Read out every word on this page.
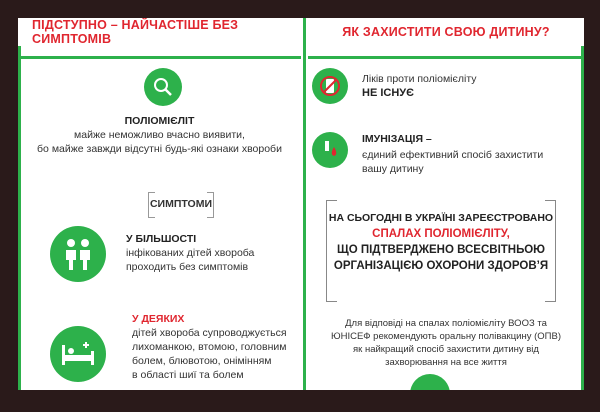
ПІДСТУПНО – НАЙЧАСТІШЕ БЕЗ СИМПТОМІВ	ЯК ЗАХИСТИТИ СВОЮ ДИТИНУ?
ПОЛІОМІЄЛІТ
майже неможливо вчасно виявити,
бо майже завжди відсутні будь-які ознаки хвороби
СИМПТОМИ
У БІЛЬШОСТІ
інфікованих дітей хвороба
проходить без симптомів
У ДЕЯКИХ
дітей хвороба супроводжується
лихоманкою, втомою, головним
болем, блювотою, онімінням
в області шиї та болем
Ліків проти поліомієліту
НЕ ІСНУЄ
ІМУНІЗАЦІЯ –
єдиний ефективний спосіб захистити
вашу дитину
НА СЬОГОДНІ В УКРАЇНІ ЗАРЕЄСТРОВАНО
СПАЛАХ ПОЛІОМІЄЛІТУ,
ЩО ПІДТВЕРДЖЕНО ВСЕСВІТНЬОЮ
ОРГАНІЗАЦІЄЮ ОХОРОНИ ЗДОРОВ’Я
Для відповіді на спалах поліомієліту ВООЗ та
ЮНІСЕФ рекомендують оральну полівакцину (ОПВ)
як найкращий спосіб захистити дитину від
захворювання на все життя
